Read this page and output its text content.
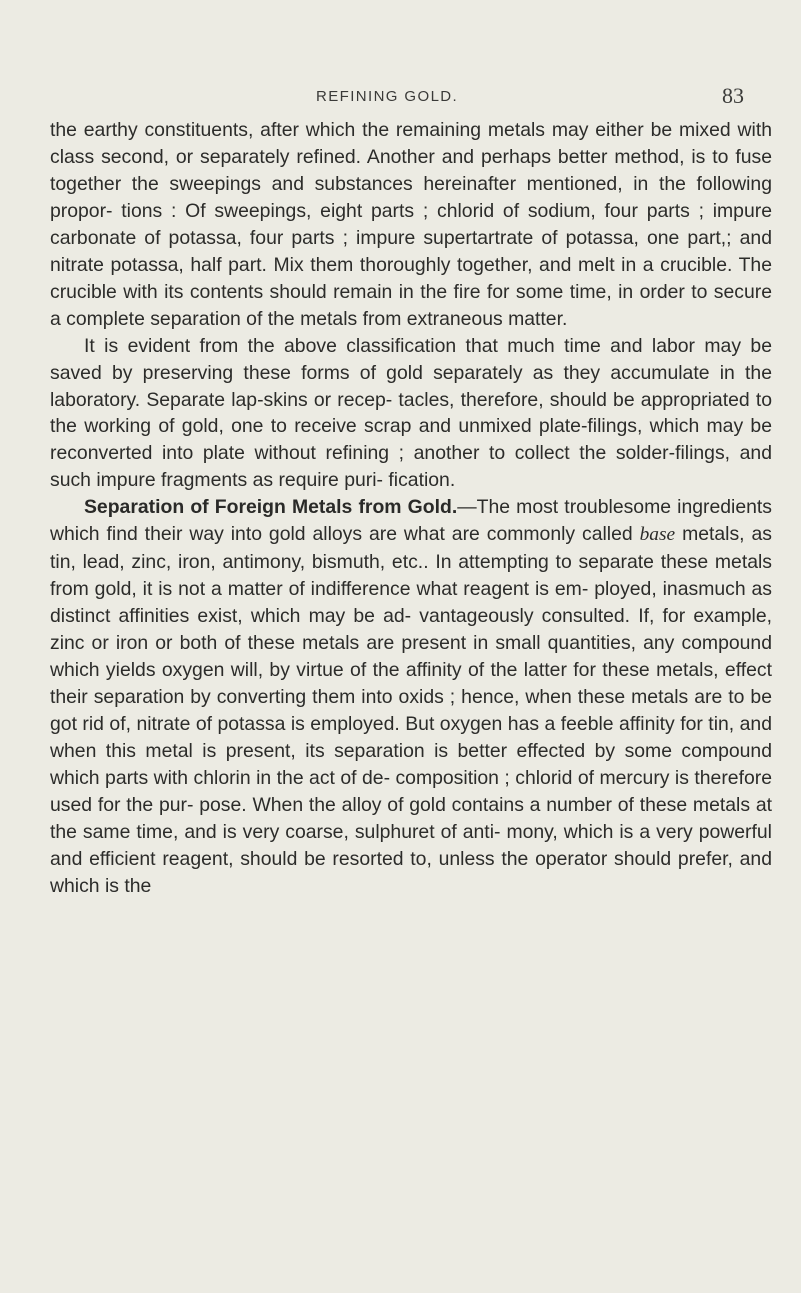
REFINING GOLD.	83

the earthy constituents, after which the remaining metals may either be mixed with class second, or separately refined. Another and perhaps better method, is to fuse together the sweepings and substances hereinafter mentioned, in the following propor- tions : Of sweepings, eight parts ; chlorid of sodium, four parts ; impure carbonate of potassa, four parts ; impure supertartrate of potassa, one part,; and nitrate potassa, half part. Mix them thoroughly together, and melt in a crucible. The crucible with its contents should remain in the fire for some time, in order to secure a complete separation of the metals from extraneous matter.

It is evident from the above classification that much time and labor may be saved by preserving these forms of gold separately as they accumulate in the laboratory. Separate lap-skins or recep- tacles, therefore, should be appropriated to the working of gold, one to receive scrap and unmixed plate-filings, which may be reconverted into plate without refining ; another to collect the solder-filings, and such impure fragments as require puri- fication.

Separation of Foreign Metals from Gold.—The most troublesome ingredients which find their way into gold alloys are what are commonly called base metals, as tin, lead, zinc, iron, antimony, bismuth, etc.. In attempting to separate these metals from gold, it is not a matter of indifference what reagent is em- ployed, inasmuch as distinct affinities exist, which may be ad- vantageously consulted. If, for example, zinc or iron or both of these metals are present in small quantities, any compound which yields oxygen will, by virtue of the affinity of the latter for these metals, effect their separation by converting them into oxids ; hence, when these metals are to be got rid of, nitrate of potassa is employed. But oxygen has a feeble affinity for tin, and when this metal is present, its separation is better effected by some compound which parts with chlorin in the act of de- composition ; chlorid of mercury is therefore used for the pur- pose. When the alloy of gold contains a number of these metals at the same time, and is very coarse, sulphuret of anti- mony, which is a very powerful and efficient reagent, should be resorted to, unless the operator should prefer, and which is the
